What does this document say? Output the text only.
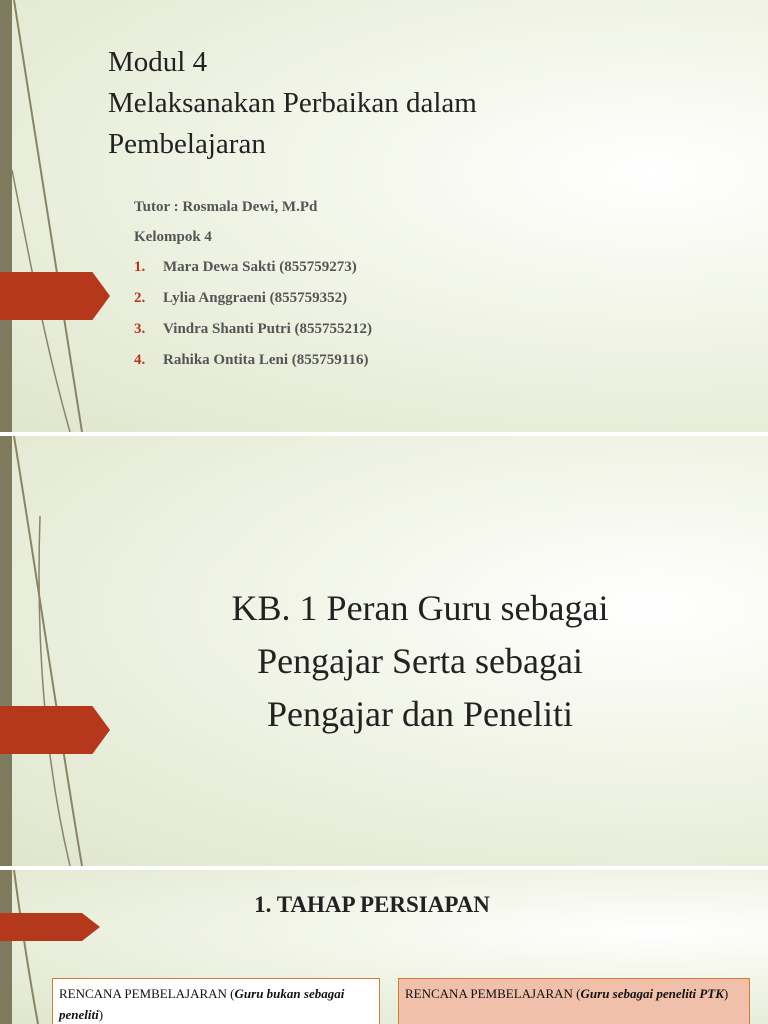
Modul 4
Melaksanakan Perbaikan dalam
Pembelajaran
Tutor : Rosmala Dewi, M.Pd
Kelompok 4
1.	Mara Dewa Sakti (855759273)
2.	Lylia Anggraeni (855759352)
3.	Vindra Shanti Putri (855755212)
4.	Rahika Ontita Leni (855759116)
KB. 1 Peran Guru sebagai
Pengajar Serta sebagai
Pengajar dan Peneliti
1. TAHAP PERSIAPAN
RENCANA PEMBELAJARAN (Guru bukan sebagai peneliti)
RENCANA PEMBELAJARAN (Guru sebagai peneliti PTK)
